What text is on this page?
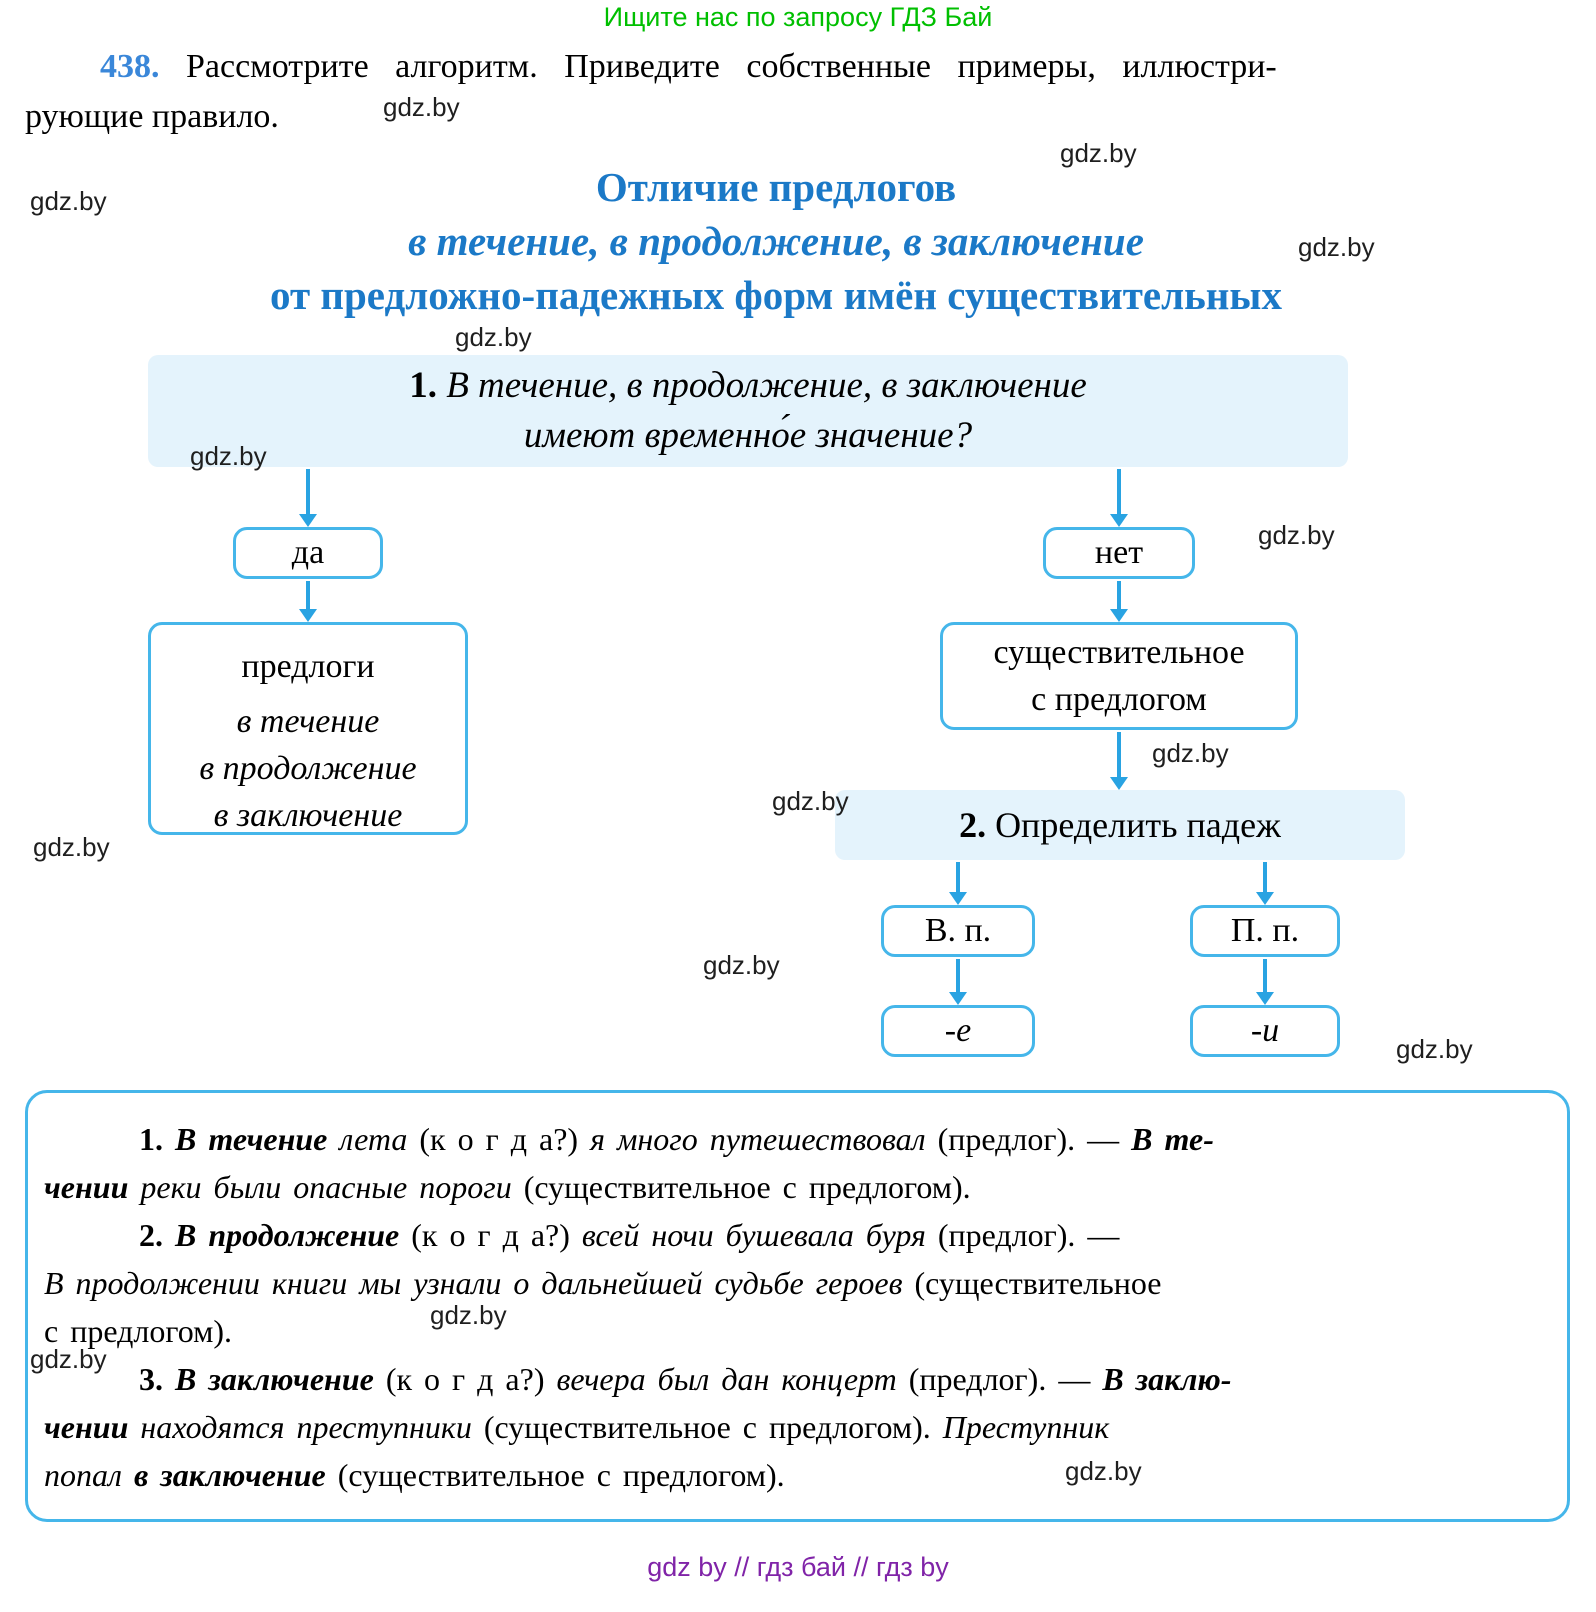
Ищите нас по запросу ГДЗ Бай
438. Рассмотрите алгоритм. Приведите собственные примеры, иллюстри-
рующие правило.
Отличие предлогов
в течение, в продолжение, в заключение
от предложно-падежных форм имён существительных
1. В течение, в продолжение, в заключение
имеют временно́е значение?
да	нет
предлоги
в течение
в продолжение
в заключение
существительное
с предлогом
2. Определить падеж
В. п.	П. п.
-е	-и
1. В течение лета (к о г д а?) я много путешествовал (предлог). — В те-
чении реки были опасные пороги (существительное с предлогом).
2. В продолжение (к о г д а?) всей ночи бушевала буря (предлог). —
В продолжении книги мы узнали о дальнейшей судьбе героев (существительное
с предлогом).
3. В заключение (к о г д а?) вечера был дан концерт (предлог). — В заклю-
чении находятся преступники (существительное с предлогом). Преступник
попал в заключение (существительное с предлогом).
gdz.by
gdz.by
gdz.by
gdz.by
gdz.by
gdz.by
gdz.by
gdz.by
gdz.by
gdz.by
gdz.by
gdz.by
gdz.by
gdz.by
gdz.by
gdz by // гдз бай // гдз by
